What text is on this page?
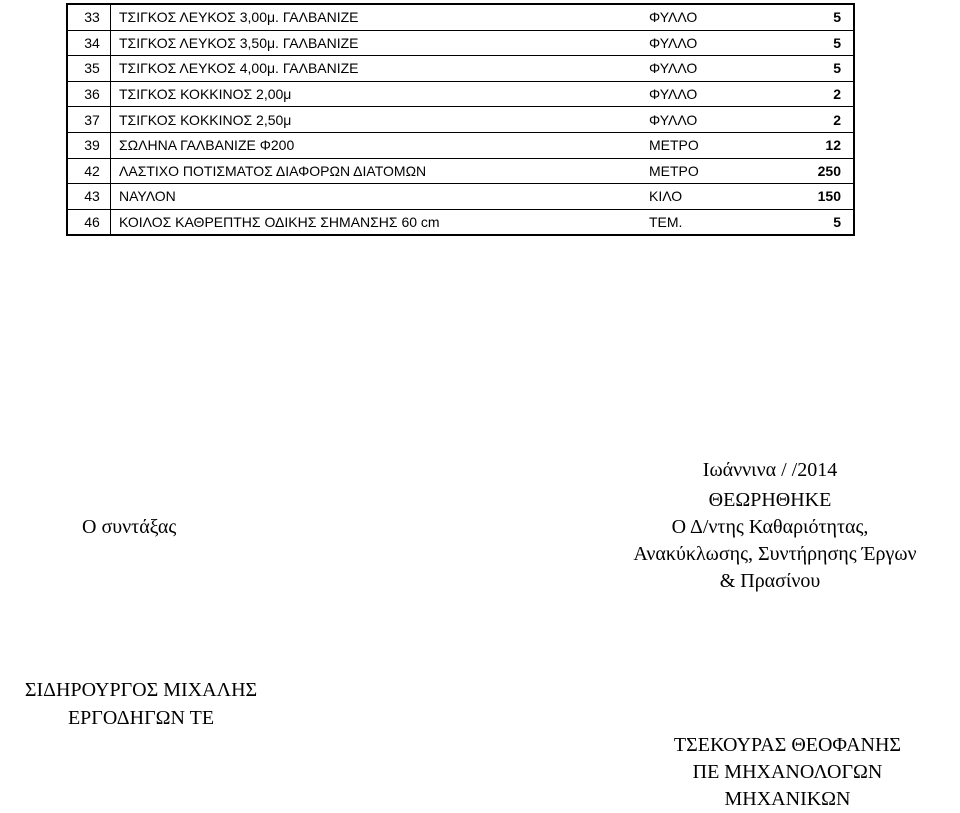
33	ΤΣΙΓΚΟΣ ΛΕΥΚΟΣ 3,00μ. ΓΑΛΒΑΝΙΖΕ	ΦΥΛΛΟ	5
34	ΤΣΙΓΚΟΣ ΛΕΥΚΟΣ 3,50μ. ΓΑΛΒΑΝΙΖΕ	ΦΥΛΛΟ	5
35	ΤΣΙΓΚΟΣ ΛΕΥΚΟΣ 4,00μ. ΓΑΛΒΑΝΙΖΕ	ΦΥΛΛΟ	5
36	ΤΣΙΓΚΟΣ ΚΟΚΚΙΝΟΣ 2,00μ	ΦΥΛΛΟ	2
37	ΤΣΙΓΚΟΣ ΚΟΚΚΙΝΟΣ 2,50μ	ΦΥΛΛΟ	2
39	ΣΩΛΗΝΑ ΓΑΛΒΑΝΙΖΕ Φ200	ΜΕΤΡΟ	12
42	ΛΑΣΤΙΧΟ ΠΟΤΙΣΜΑΤΟΣ ΔΙΑΦΟΡΩΝ ΔΙΑΤΟΜΩΝ	ΜΕΤΡΟ	250
43	ΝΑΥΛΟΝ	ΚΙΛΟ	150
46	ΚΟΙΛΟΣ ΚΑΘΡΕΠΤΗΣ ΟΔΙΚΗΣ ΣΗΜΑΝΣΗΣ 60 cm	ΤΕΜ.	5
Ιωάννινα / /2014
ΘΕΩΡΗΘΗΚΕ
Ο συντάξας	Ο Δ/ντης Καθαριότητας,
Ανακύκλωσης, Συντήρησης Έργων
& Πρασίνου
ΣΙΔΗΡΟΥΡΓΟΣ ΜΙΧΑΛΗΣ
ΕΡΓΟΔΗΓΩΝ ΤΕ
ΤΣΕΚΟΥΡΑΣ ΘΕΟΦΑΝΗΣ
ΠΕ ΜΗΧΑΝΟΛΟΓΩΝ
ΜΗΧΑΝΙΚΩΝ
